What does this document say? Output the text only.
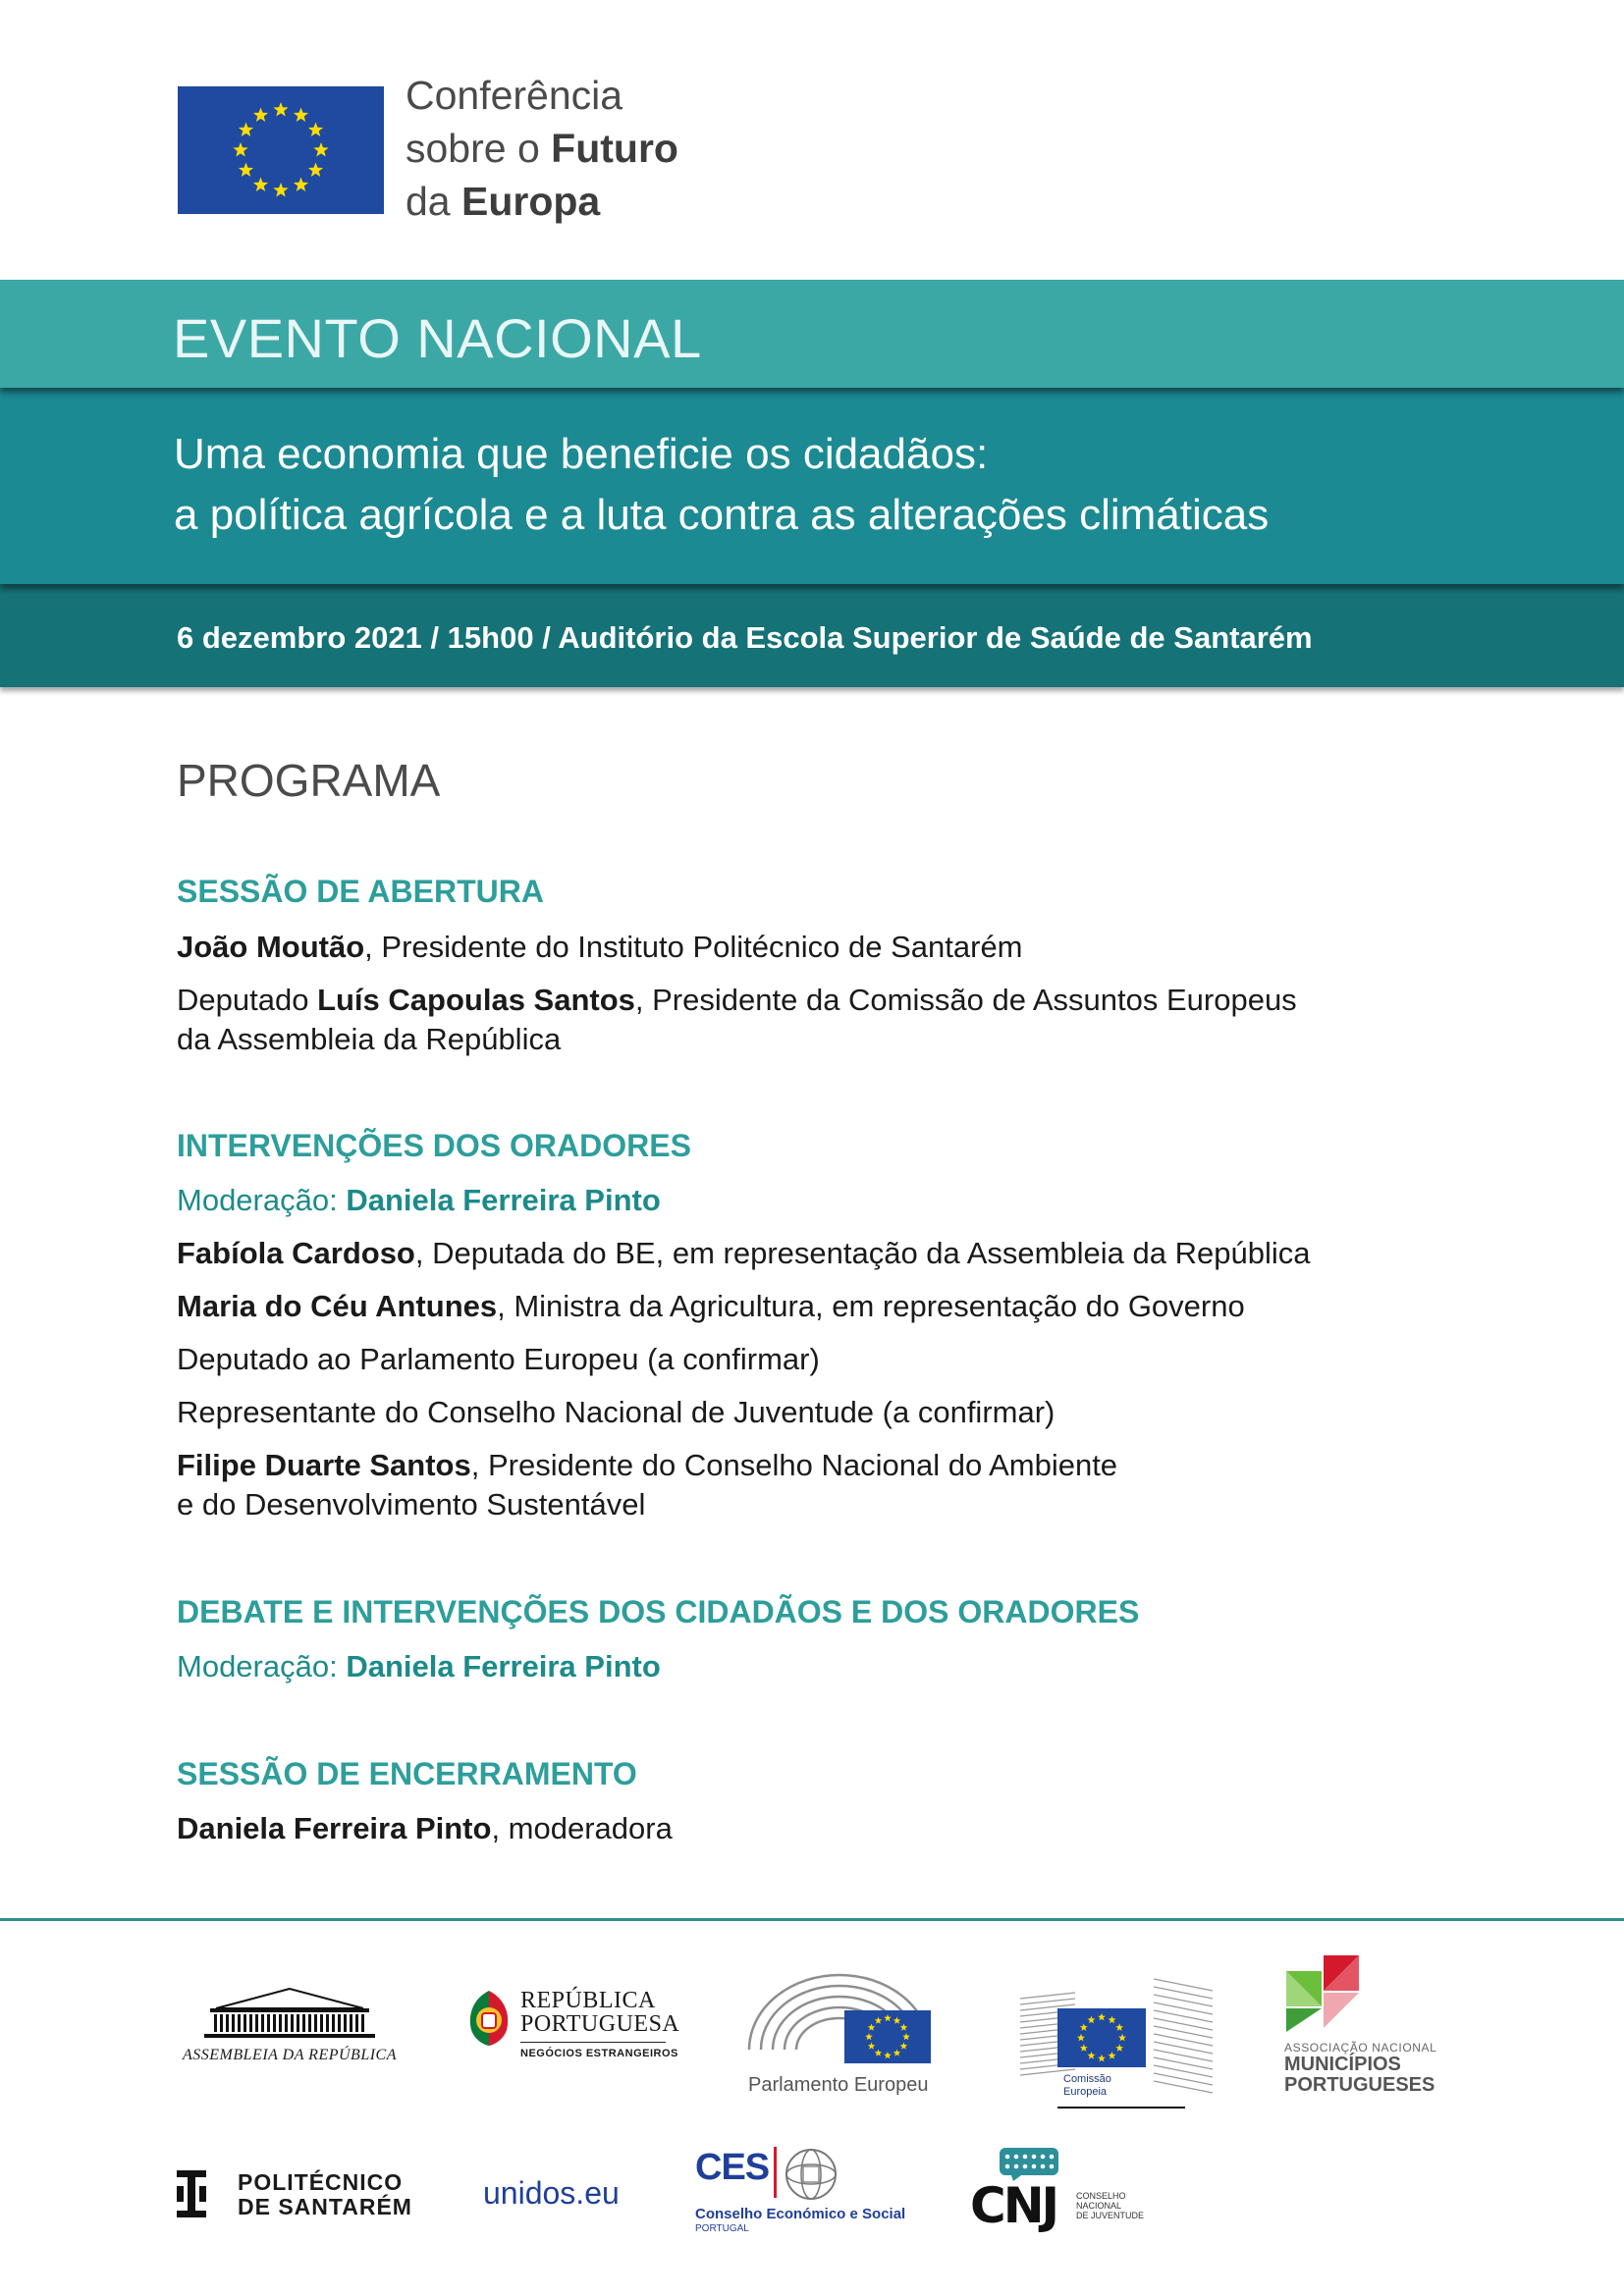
Conferência
sobre o Futuro
da Europa
EVENTO NACIONAL
Uma economia que beneficie os cidadãos:
a política agrícola e a luta contra as alterações climáticas
6 dezembro 2021 / 15h00 / Auditório da Escola Superior de Saúde de Santarém
PROGRAMA
SESSÃO DE ABERTURA
João Moutão, Presidente do Instituto Politécnico de Santarém
Deputado Luís Capoulas Santos, Presidente da Comissão de Assuntos Europeus
da Assembleia da República
INTERVENÇÕES DOS ORADORES
Moderação: Daniela Ferreira Pinto
Fabíola Cardoso, Deputada do BE, em representação da Assembleia da República
Maria do Céu Antunes, Ministra da Agricultura, em representação do Governo
Deputado ao Parlamento Europeu (a confirmar)
Representante do Conselho Nacional de Juventude (a confirmar)
Filipe Duarte Santos, Presidente do Conselho Nacional do Ambiente
e do Desenvolvimento Sustentável
DEBATE E INTERVENÇÕES DOS CIDADÃOS E DOS ORADORES
Moderação: Daniela Ferreira Pinto
SESSÃO DE ENCERRAMENTO
Daniela Ferreira Pinto, moderadora
ASSEMBLEIA DA REPÚBLICA
REPÚBLICA
PORTUGUESA
NEGÓCIOS ESTRANGEIROS
Parlamento Europeu	Comissão
Europeia
ASSOCIAÇÃO NACIONAL
MUNICÍPIOS
PORTUGUESES
POLITÉCNICO
DE SANTARÉM unidos.eu
CES
Conselho Económico e Social
PORTUGAL	CNJ CONSELHO
NACIONAL
DE JUVENTUDE
